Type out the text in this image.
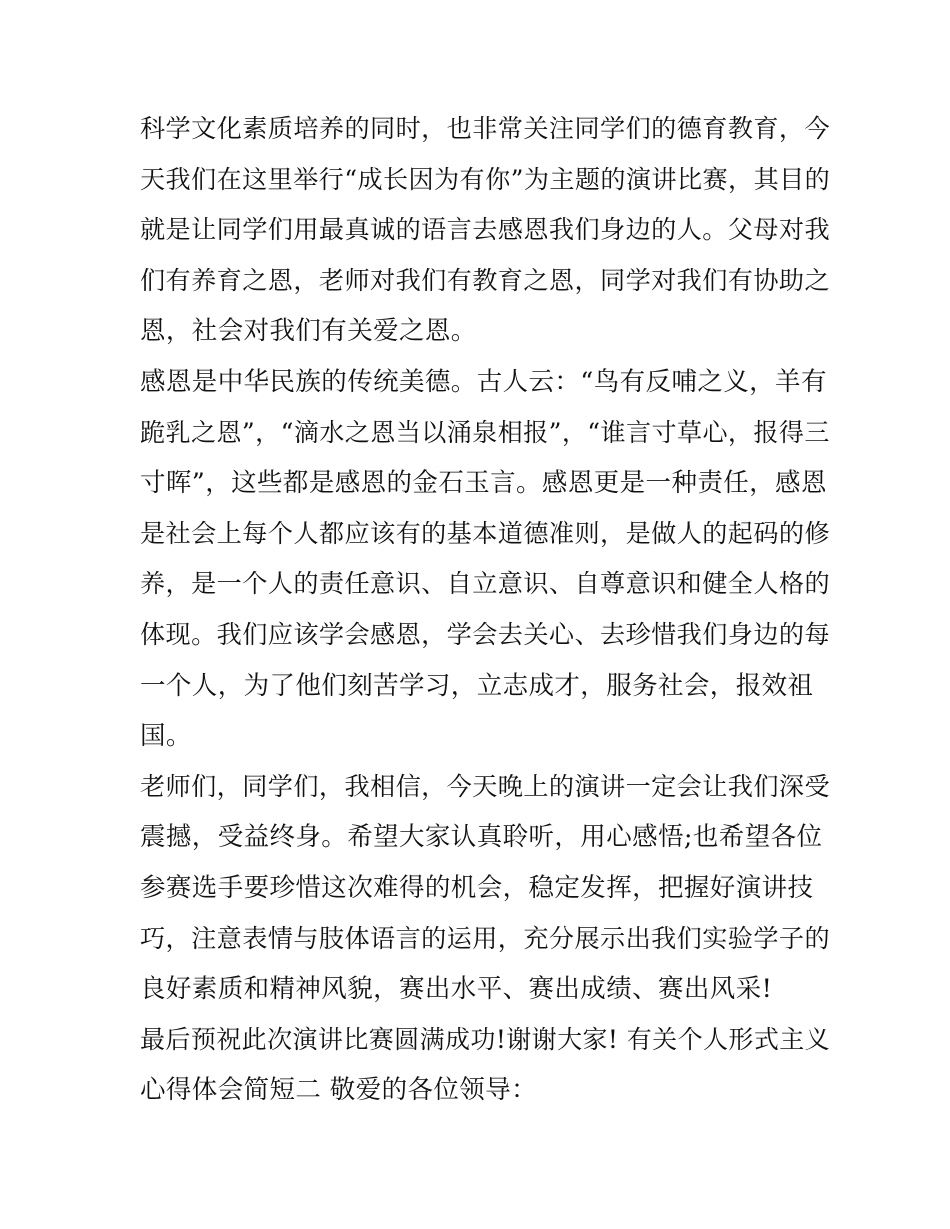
科学文化素质培养的同时，也非常关注同学们的德育教育，今
天我们在这里举行“成长因为有你”为主题的演讲比赛，其目的
就是让同学们用最真诚的语言去感恩我们身边的人。父母对我
们有养育之恩，老师对我们有教育之恩，同学对我们有协助之
恩，社会对我们有关爱之恩。
感恩是中华民族的传统美德。古人云：“鸟有反哺之义，羊有
跪乳之恩”，“滴水之恩当以涌泉相报”，“谁言寸草心，报得三
寸晖”，这些都是感恩的金石玉言。感恩更是一种责任，感恩
是社会上每个人都应该有的基本道德准则，是做人的起码的修
养，是一个人的责任意识、自立意识、自尊意识和健全人格的
体现。我们应该学会感恩，学会去关心、去珍惜我们身边的每
一个人，为了他们刻苦学习，立志成才，服务社会，报效祖
国。
老师们，同学们，我相信，今天晚上的演讲一定会让我们深受
震撼，受益终身。希望大家认真聆听，用心感悟;也希望各位
参赛选手要珍惜这次难得的机会，稳定发挥，把握好演讲技
巧，注意表情与肢体语言的运用，充分展示出我们实验学子的
良好素质和精神风貌，赛出水平、赛出成绩、赛出风采!
最后预祝此次演讲比赛圆满成功!谢谢大家! 有关个人形式主义
心得体会简短二 敬爱的各位领导：
